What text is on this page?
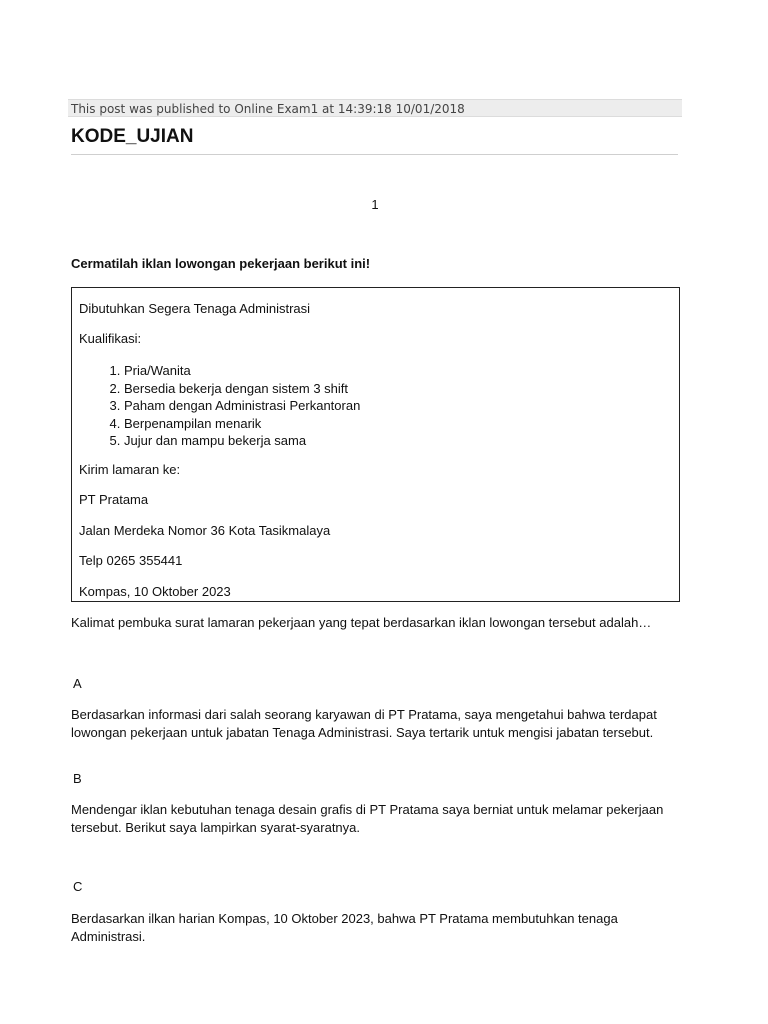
This post was published to Online Exam1 at 14:39:18 10/01/2018
KODE_UJIAN
1
Cermatilah iklan lowongan pekerjaan berikut ini!
Dibutuhkan Segera Tenaga Administrasi
Kualifikasi:
1. Pria/Wanita
2. Bersedia bekerja dengan sistem 3 shift
3. Paham dengan Administrasi Perkantoran
4. Berpenampilan menarik
5. Jujur dan mampu bekerja sama
Kirim lamaran ke:
PT Pratama
Jalan Merdeka Nomor 36 Kota Tasikmalaya
Telp 0265 355441
Kompas, 10 Oktober 2023
Kalimat pembuka surat lamaran pekerjaan yang tepat berdasarkan iklan lowongan tersebut adalah…
A
Berdasarkan informasi dari salah seorang karyawan di PT Pratama, saya mengetahui bahwa terdapat lowongan pekerjaan untuk jabatan Tenaga Administrasi. Saya tertarik untuk mengisi jabatan tersebut.
B
Mendengar iklan kebutuhan tenaga desain grafis di PT Pratama saya berniat untuk melamar pekerjaan tersebut. Berikut saya lampirkan syarat-syaratnya.
C
Berdasarkan ilkan harian Kompas, 10 Oktober 2023, bahwa PT Pratama membutuhkan tenaga Administrasi.
